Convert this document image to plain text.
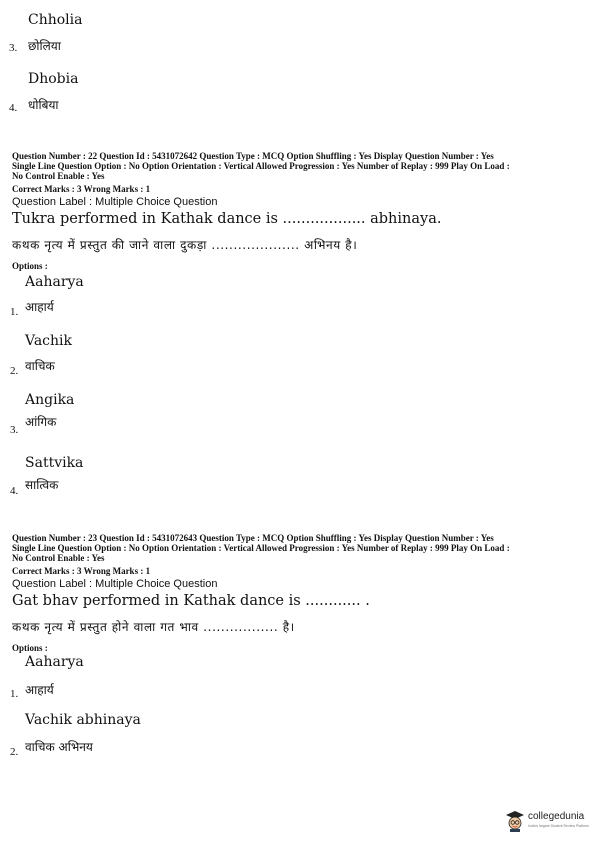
Chholia
3. छोलिया
Dhobia
4. धोबिया
Question Number : 22 Question Id : 5431072642 Question Type : MCQ Option Shuffling : Yes Display Question Number : Yes
Single Line Question Option : No Option Orientation : Vertical Allowed Progression : Yes Number of Replay : 999 Play On Load :
No Control Enable : Yes
Correct Marks : 3 Wrong Marks : 1
Question Label : Multiple Choice Question
Tukra performed in Kathak dance is .................. abhinaya.
कथक नृत्य में प्रस्तुत की जाने वाला दुकड़ा .................... अभिनय है।
Options :
Aaharya
1. आहार्य
Vachik
2. वाचिक
Angika
3.
आंगिक
Sattvika
4. सात्विक
Question Number : 23 Question Id : 5431072643 Question Type : MCQ Option Shuffling : Yes Display Question Number : Yes
Single Line Question Option : No Option Orientation : Vertical Allowed Progression : Yes Number of Replay : 999 Play On Load :
No Control Enable : Yes
Correct Marks : 3 Wrong Marks : 1
Question Label : Multiple Choice Question
Gat bhav performed in Kathak dance is ............ .
कथक नृत्य में प्रस्तुत होने वाला गत भाव ................. है।
Options :
Aaharya
1. आहार्य
Vachik abhinaya
2. वाचिक अभिनय
collegedunia
India's largest Student Review Platform
